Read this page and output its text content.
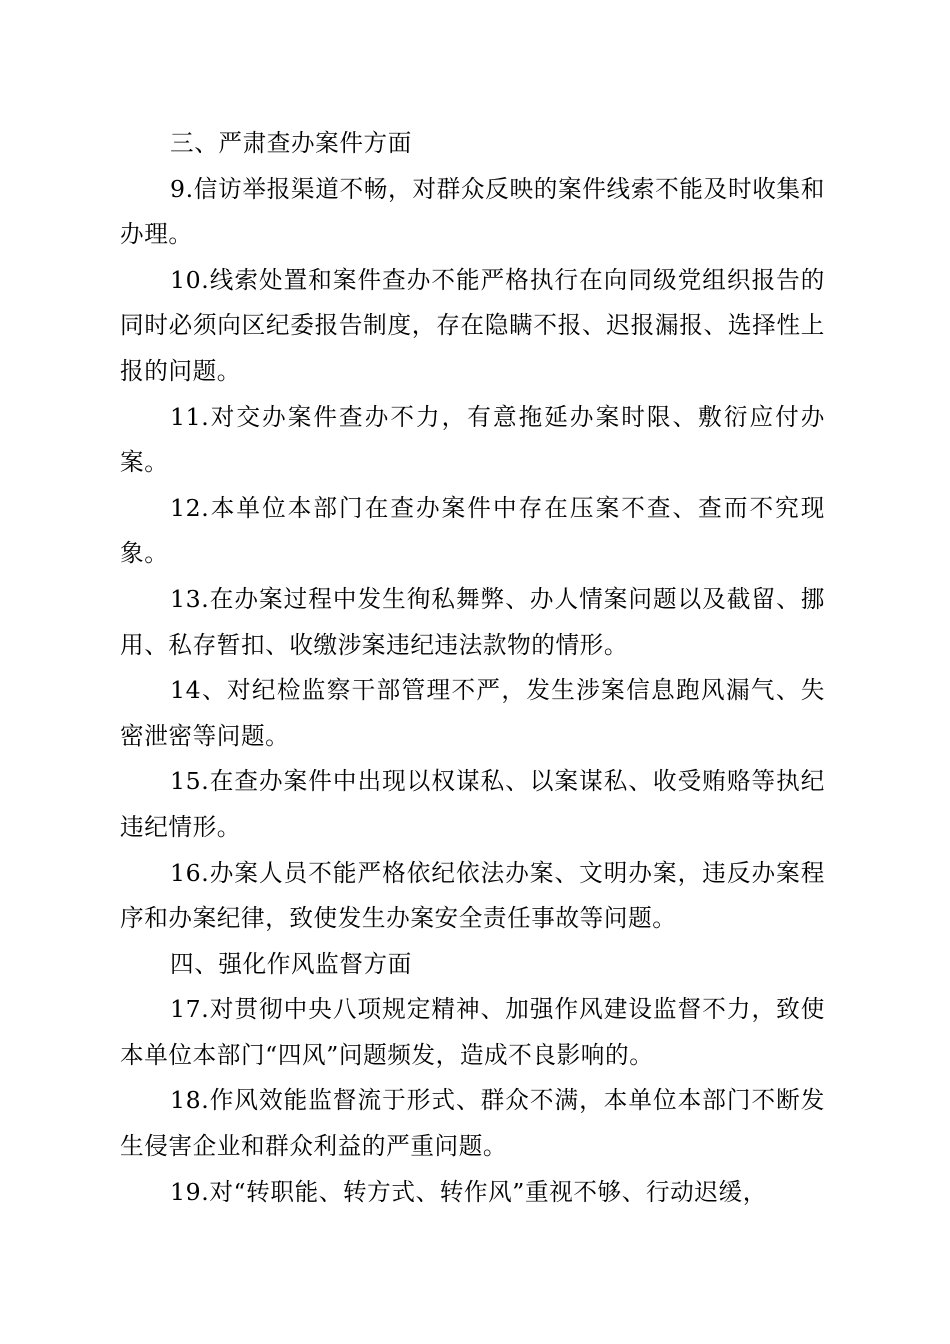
三、严肃查办案件方面

9.信访举报渠道不畅，对群众反映的案件线索不能及时收集和办理。

10.线索处置和案件查办不能严格执行在向同级党组织报告的同时必须向区纪委报告制度，存在隐瞒不报、迟报漏报、选择性上报的问题。

11.对交办案件查办不力，有意拖延办案时限、敷衍应付办案。

12.本单位本部门在查办案件中存在压案不查、查而不究现象。

13.在办案过程中发生徇私舞弊、办人情案问题以及截留、挪用、私存暂扣、收缴涉案违纪违法款物的情形。

14、对纪检监察干部管理不严，发生涉案信息跑风漏气、失密泄密等问题。

15.在查办案件中出现以权谋私、以案谋私、收受贿赂等执纪违纪情形。

16.办案人员不能严格依纪依法办案、文明办案，违反办案程序和办案纪律，致使发生办案安全责任事故等问题。

四、强化作风监督方面

17.对贯彻中央八项规定精神、加强作风建设监督不力，致使本单位本部门“四风”问题频发，造成不良影响的。

18.作风效能监督流于形式、群众不满，本单位本部门不断发生侵害企业和群众利益的严重问题。

19.对“转职能、转方式、转作风”重视不够、行动迟缓，
